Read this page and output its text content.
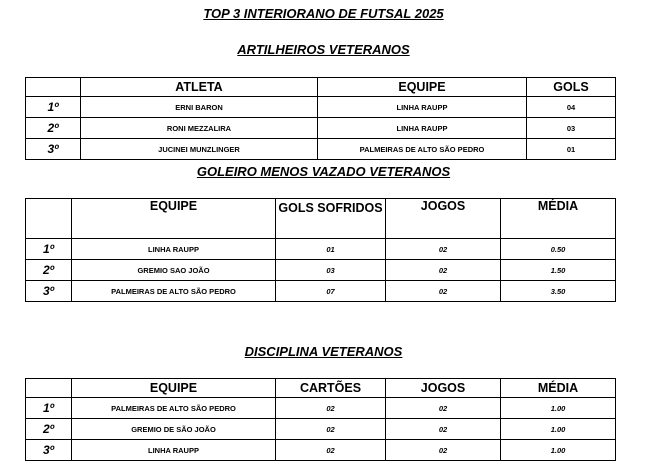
TOP 3 INTERIORANO DE FUTSAL 2025
ARTILHEIROS VETERANOS
	ATLETA	EQUIPE	GOLS
1º	ERNI BARON	LINHA RAUPP	04
2º	RONI MEZZALIRA	LINHA RAUPP	03
3º	JUCINEI MUNZLINGER	PALMEIRAS DE ALTO SÃO PEDRO	01
GOLEIRO MENOS VAZADO VETERANOS
	EQUIPE	GOLS SOFRIDOS	JOGOS	MÉDIA
1º	LINHA RAUPP	01	02	0.50
2º	GREMIO SAO JOÃO	03	02	1.50
3º	PALMEIRAS DE ALTO SÃO PEDRO	07	02	3.50
DISCIPLINA VETERANOS
	EQUIPE	CARTÕES	JOGOS	MÉDIA
1º	PALMEIRAS DE ALTO SÃO PEDRO	02	02	1.00
2º	GREMIO DE SÃO JOÃO	02	02	1.00
3º	LINHA RAUPP	02	02	1.00
